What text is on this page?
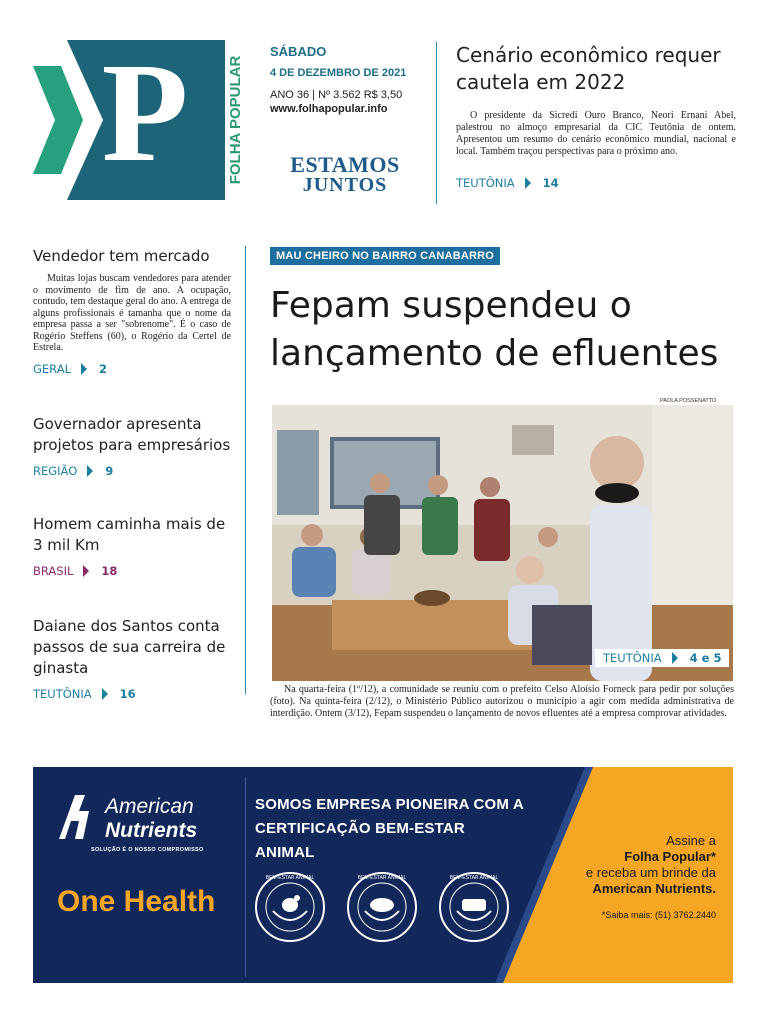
P	FOLHA POPULAR
SÁBADO
4 DE DEZEMBRO DE 2021
ANO 36 | Nº 3.562 R$ 3,50
www.folhapopular.info
ESTAMOS
JUNTOS
Cenário econômico requer cautela em 2022

O presidente da Sicredi Ouro Branco, Neori Ernani Abel, palestrou no almoço empresarial da CIC Teutônia de ontem. Apresentou um resumo do cenário econômico mundial, nacional e local. Também traçou perspectivas para o próximo ano.

TEUTÔNIA 14
Vendedor tem mercado

Muitas lojas buscam vendedores para atender o movimento de fim de ano. A ocupação, contudo, tem destaque geral do ano. A entrega de alguns profissionais é tamanha que o nome da empresa passa a ser "sobrenome". É o caso de Rogério Steffens (60), o Rogério da Certel de Estrela.

GERAL 2
Governador apresenta projetos para empresários
REGIÃO 9
Homem caminha mais de 3 mil Km
BRASIL 18
Daiane dos Santos conta passos de sua carreira de ginasta
TEUTÔNIA 16
MAU CHEIRO NO BAIRRO CANABARRO
Fepam suspendeu o
lançamento de efluentes
PAOLA POSSENATTO
TEUTÔNIA 4 e 5
Na quarta-feira (1º/12), a comunidade se reuniu com o prefeito Celso Aloísio Forneck para pedir por soluções (foto). Na quinta-feira (2/12), o Ministério Público autorizou o município a agir com medida administrativa de interdição. Ontem (3/12), Fepam suspendeu o lançamento de novos efluentes até a empresa comprovar atividades.
American
Nutrients
SOLUÇÃO É O NOSSO COMPROMISSO
One Health
SOMOS EMPRESA PIONEIRA COM A
CERTIFICAÇÃO BEM-ESTAR ANIMAL
BEM-ESTAR ANIMAL	BEM-ESTAR ANIMAL	BEM-ESTAR ANIMAL
Assine a
Folha Popular*
e receba um brinde da
American Nutrients.
*Saiba mais: (51) 3762.2440
